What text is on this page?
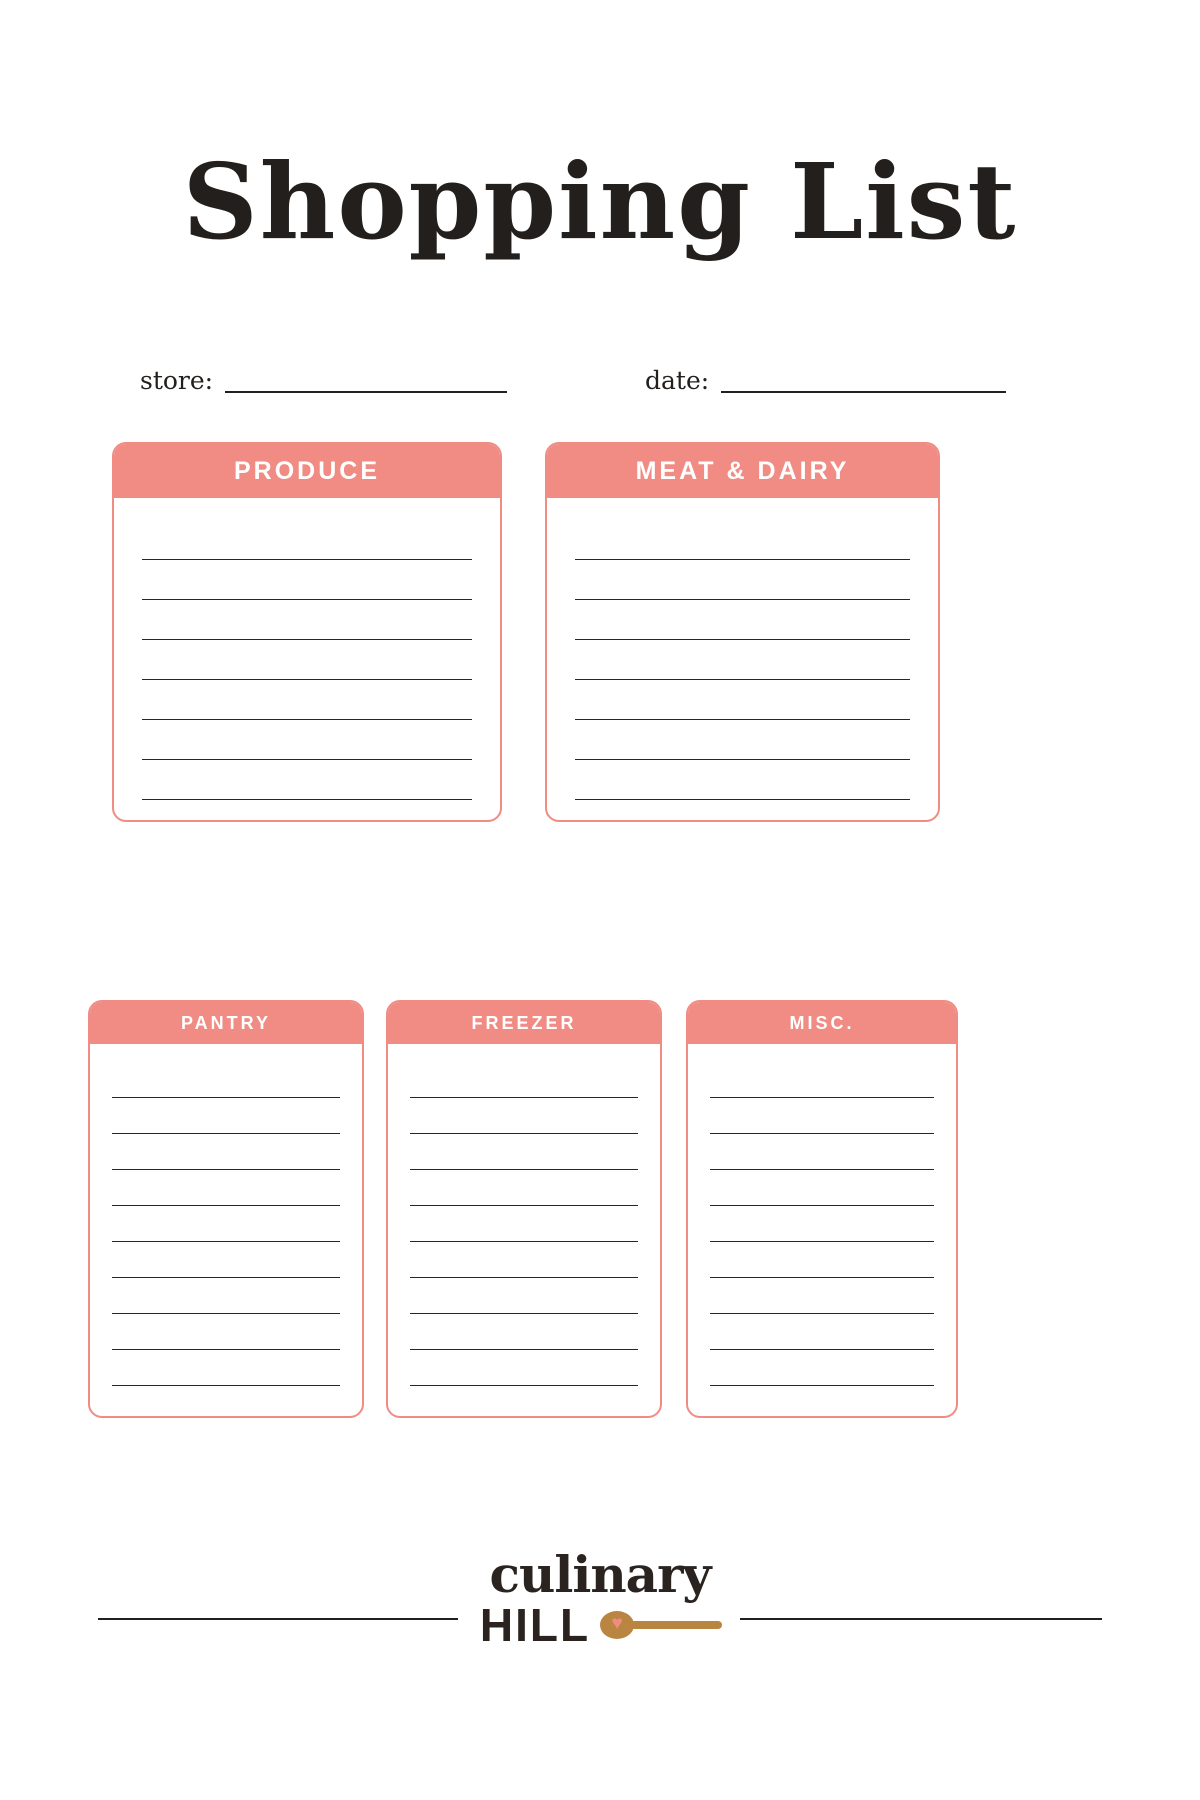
Shopping List
store:	date:
PRODUCE	MEAT & DAIRY
PANTRY	FREEZER	MISC.
culinary
HILL ♥
